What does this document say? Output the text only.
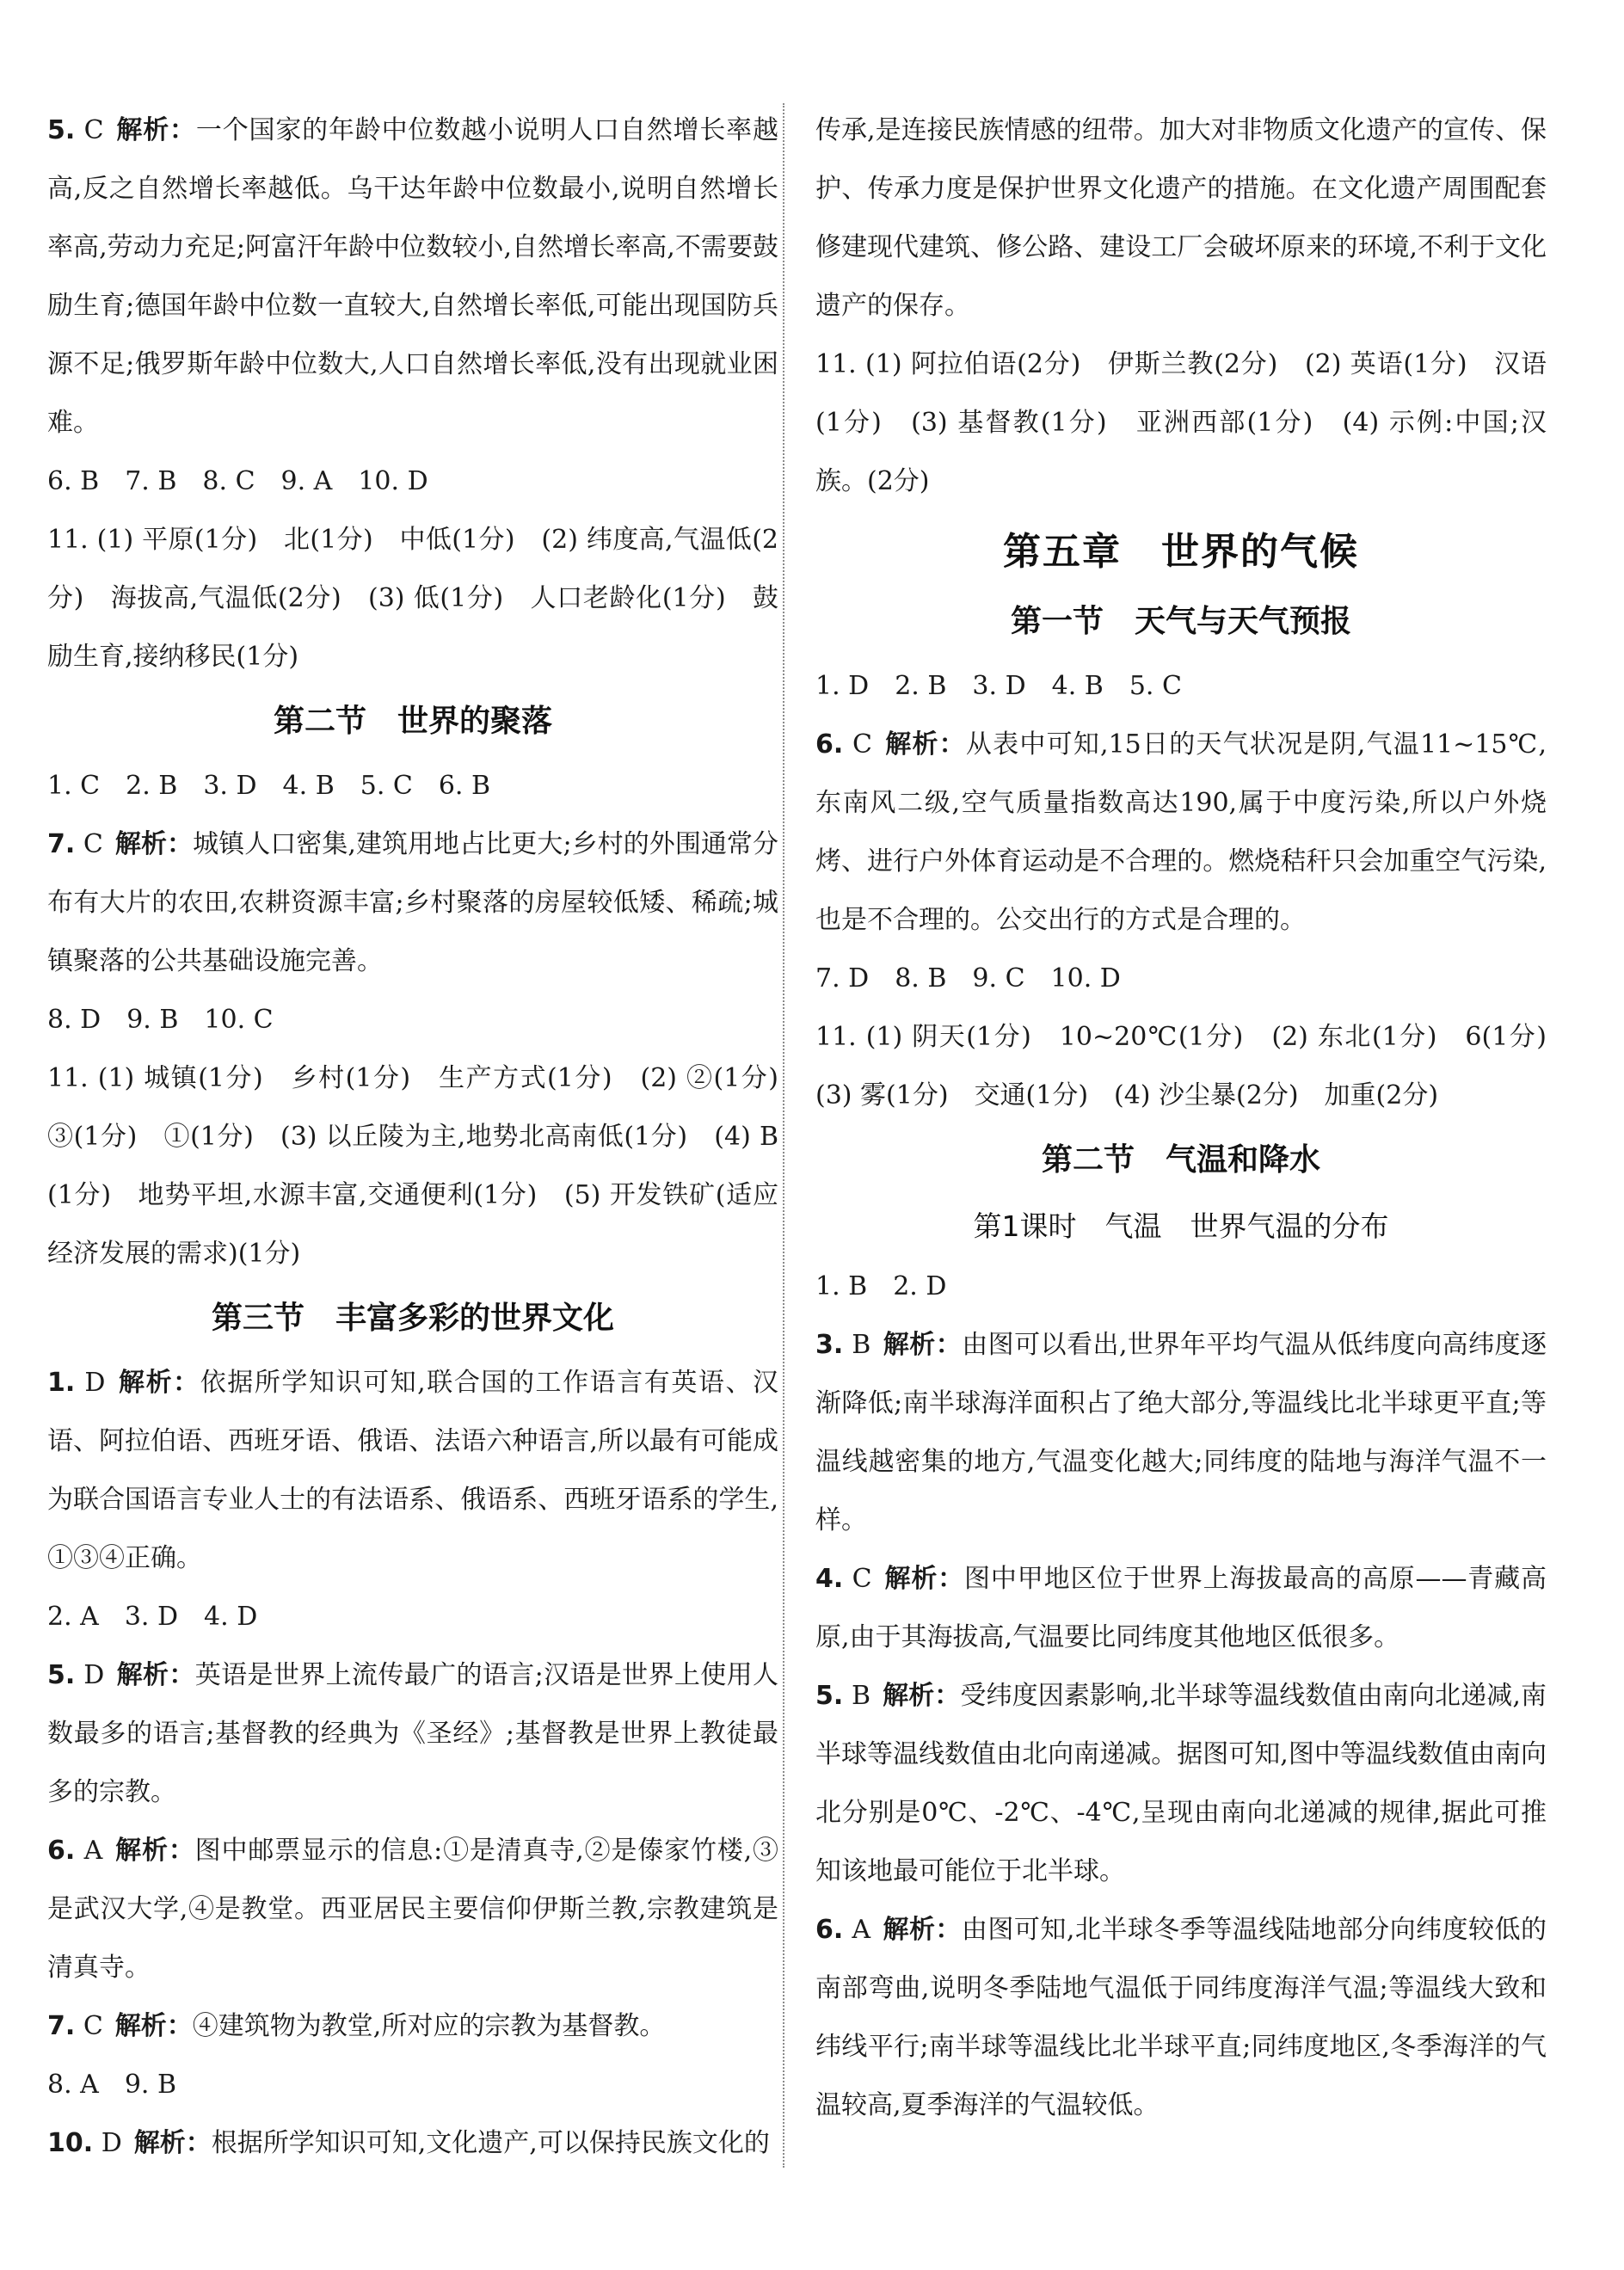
5. C 解析：一个国家的年龄中位数越小说明人口自然增长率越高,反之自然增长率越低。乌干达年龄中位数最小,说明自然增长率高,劳动力充足;阿富汗年龄中位数较小,自然增长率高,不需要鼓励生育;德国年龄中位数一直较大,自然增长率低,可能出现国防兵源不足;俄罗斯年龄中位数大,人口自然增长率低,没有出现就业困难。

6. B　7. B　8. C　9. A　10. D

11. (1) 平原(1分)　北(1分)　中低(1分)　(2) 纬度高,气温低(2分)　海拔高,气温低(2分)　(3) 低(1分)　人口老龄化(1分)　鼓励生育,接纳移民(1分)

第二节　世界的聚落

1. C　2. B　3. D　4. B　5. C　6. B

7. C 解析：城镇人口密集,建筑用地占比更大;乡村的外围通常分布有大片的农田,农耕资源丰富;乡村聚落的房屋较低矮、稀疏;城镇聚落的公共基础设施完善。

8. D　9. B　10. C

11. (1) 城镇(1分)　乡村(1分)　生产方式(1分)　(2) ②(1分)　③(1分)　①(1分)　(3) 以丘陵为主,地势北高南低(1分)　(4) B(1分)　地势平坦,水源丰富,交通便利(1分)　(5) 开发铁矿(适应经济发展的需求)(1分)

第三节　丰富多彩的世界文化

1. D 解析：依据所学知识可知,联合国的工作语言有英语、汉语、阿拉伯语、西班牙语、俄语、法语六种语言,所以最有可能成为联合国语言专业人士的有法语系、俄语系、西班牙语系的学生,①③④正确。

2. A　3. D　4. D

5. D 解析：英语是世界上流传最广的语言;汉语是世界上使用人数最多的语言;基督教的经典为《圣经》;基督教是世界上教徒最多的宗教。

6. A 解析：图中邮票显示的信息:①是清真寺,②是傣家竹楼,③是武汉大学,④是教堂。西亚居民主要信仰伊斯兰教,宗教建筑是清真寺。

7. C 解析：④建筑物为教堂,所对应的宗教为基督教。

8. A　9. B

10. D 解析：根据所学知识可知,文化遗产,可以保持民族文化的

传承,是连接民族情感的纽带。加大对非物质文化遗产的宣传、保护、传承力度是保护世界文化遗产的措施。在文化遗产周围配套修建现代建筑、修公路、建设工厂会破坏原来的环境,不利于文化遗产的保存。

11. (1) 阿拉伯语(2分)　伊斯兰教(2分)　(2) 英语(1分)　汉语(1分)　(3) 基督教(1分)　亚洲西部(1分)　(4) 示例:中国;汉族。(2分)

第五章　世界的气候
第一节　天气与天气预报

1. D　2. B　3. D　4. B　5. C

6. C 解析：从表中可知,15日的天气状况是阴,气温11~15℃,东南风二级,空气质量指数高达190,属于中度污染,所以户外烧烤、进行户外体育运动是不合理的。燃烧秸秆只会加重空气污染,也是不合理的。公交出行的方式是合理的。

7. D　8. B　9. C　10. D

11. (1) 阴天(1分)　10~20℃(1分)　(2) 东北(1分)　6(1分)　(3) 雾(1分)　交通(1分)　(4) 沙尘暴(2分)　加重(2分)

第二节　气温和降水
第1课时　气温　世界气温的分布

1. B　2. D

3. B 解析：由图可以看出,世界年平均气温从低纬度向高纬度逐渐降低;南半球海洋面积占了绝大部分,等温线比北半球更平直;等温线越密集的地方,气温变化越大;同纬度的陆地与海洋气温不一样。

4. C 解析：图中甲地区位于世界上海拔最高的高原——青藏高原,由于其海拔高,气温要比同纬度其他地区低很多。

5. B 解析：受纬度因素影响,北半球等温线数值由南向北递减,南半球等温线数值由北向南递减。据图可知,图中等温线数值由南向北分别是0℃、-2℃、-4℃,呈现由南向北递减的规律,据此可推知该地最可能位于北半球。

6. A 解析：由图可知,北半球冬季等温线陆地部分向纬度较低的南部弯曲,说明冬季陆地气温低于同纬度海洋气温;等温线大致和纬线平行;南半球等温线比北半球平直;同纬度地区,冬季海洋的气温较高,夏季海洋的气温较低。
